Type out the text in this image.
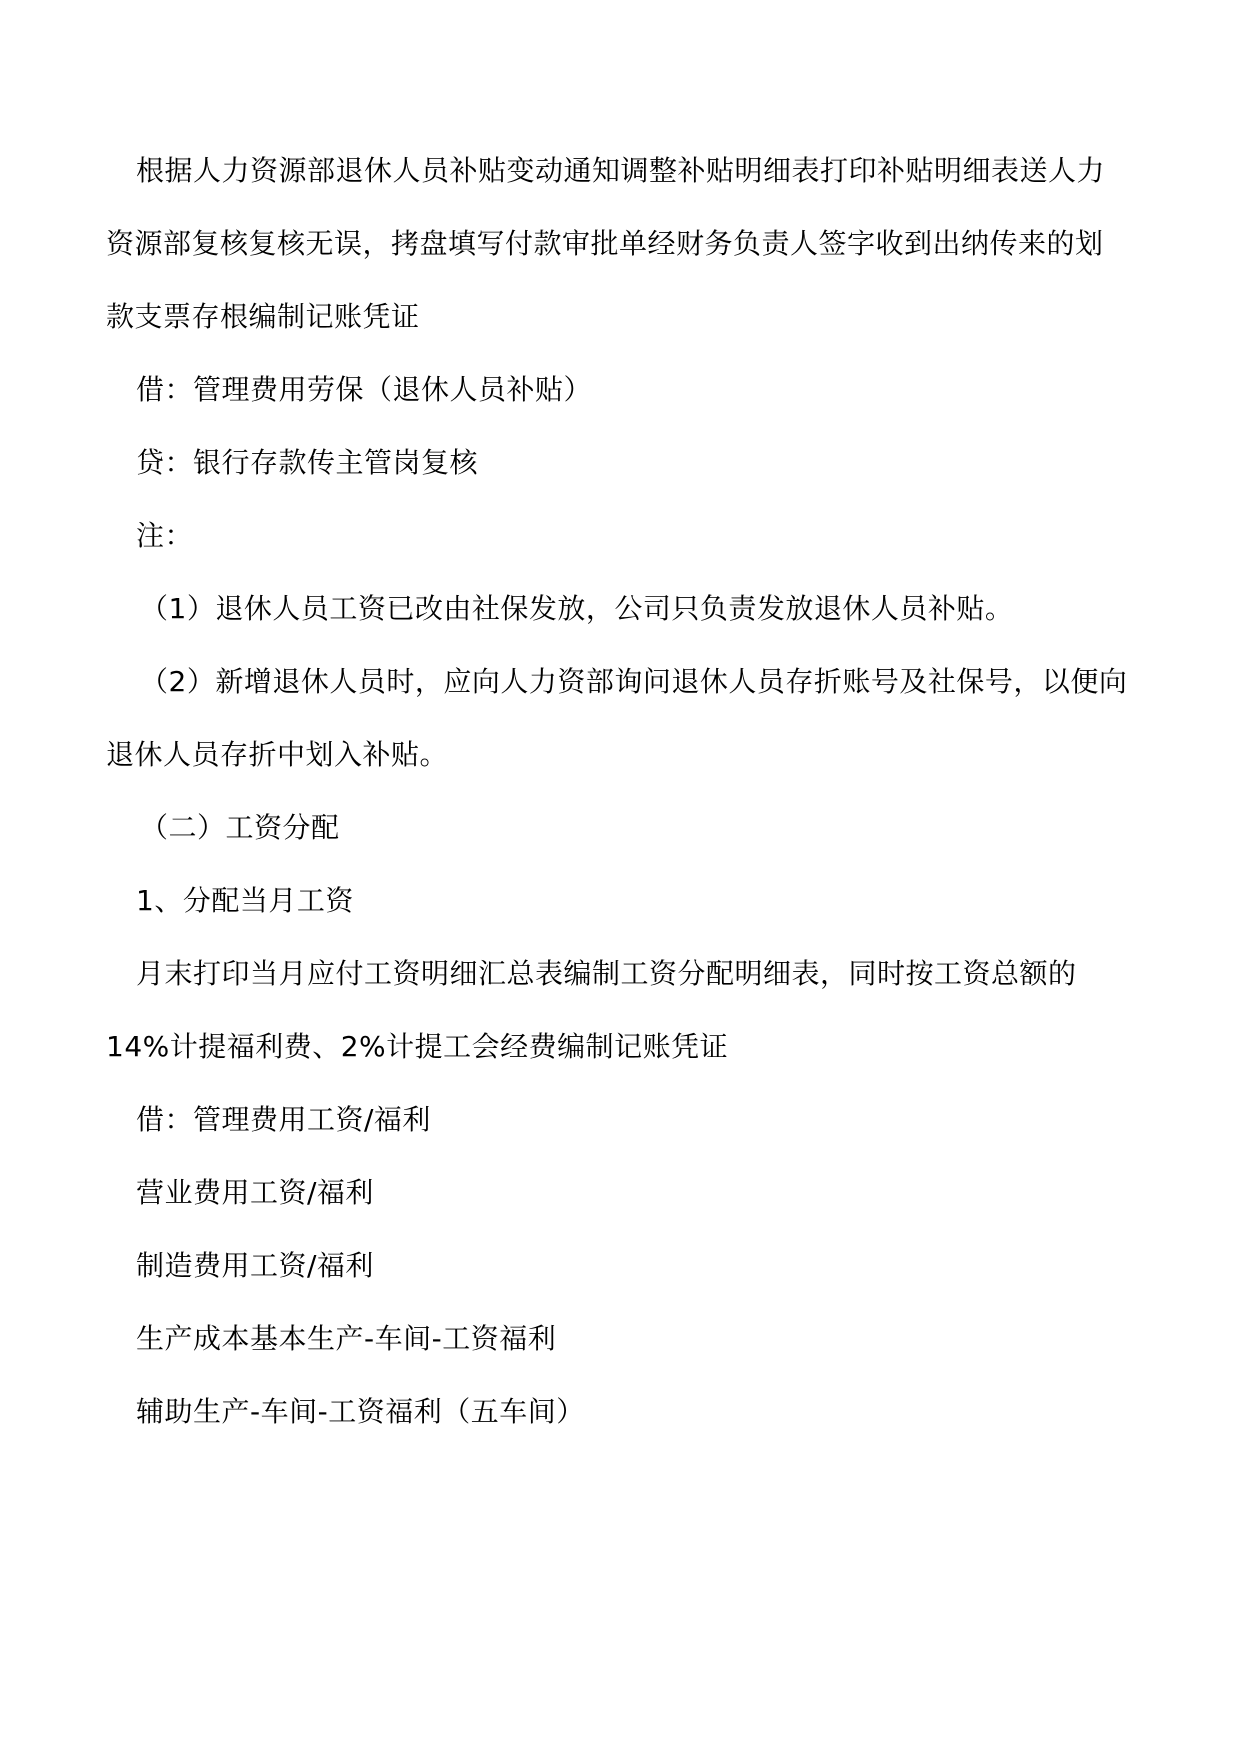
根据人力资源部退休人员补贴变动通知调整补贴明细表打印补贴明细表送人力
资源部复核复核无误，拷盘填写付款审批单经财务负责人签字收到出纳传来的划
款支票存根编制记账凭证
借：管理费用劳保（退休人员补贴）
贷：银行存款传主管岗复核
注：
（1）退休人员工资已改由社保发放，公司只负责发放退休人员补贴。
（2）新增退休人员时，应向人力资部询问退休人员存折账号及社保号，以便向
退休人员存折中划入补贴。
（二）工资分配
1、分配当月工资
月末打印当月应付工资明细汇总表编制工资分配明细表，同时按工资总额的
14%计提福利费、2%计提工会经费编制记账凭证
借：管理费用工资/福利
营业费用工资/福利
制造费用工资/福利
生产成本基本生产-车间-工资福利
辅助生产-车间-工资福利（五车间）
